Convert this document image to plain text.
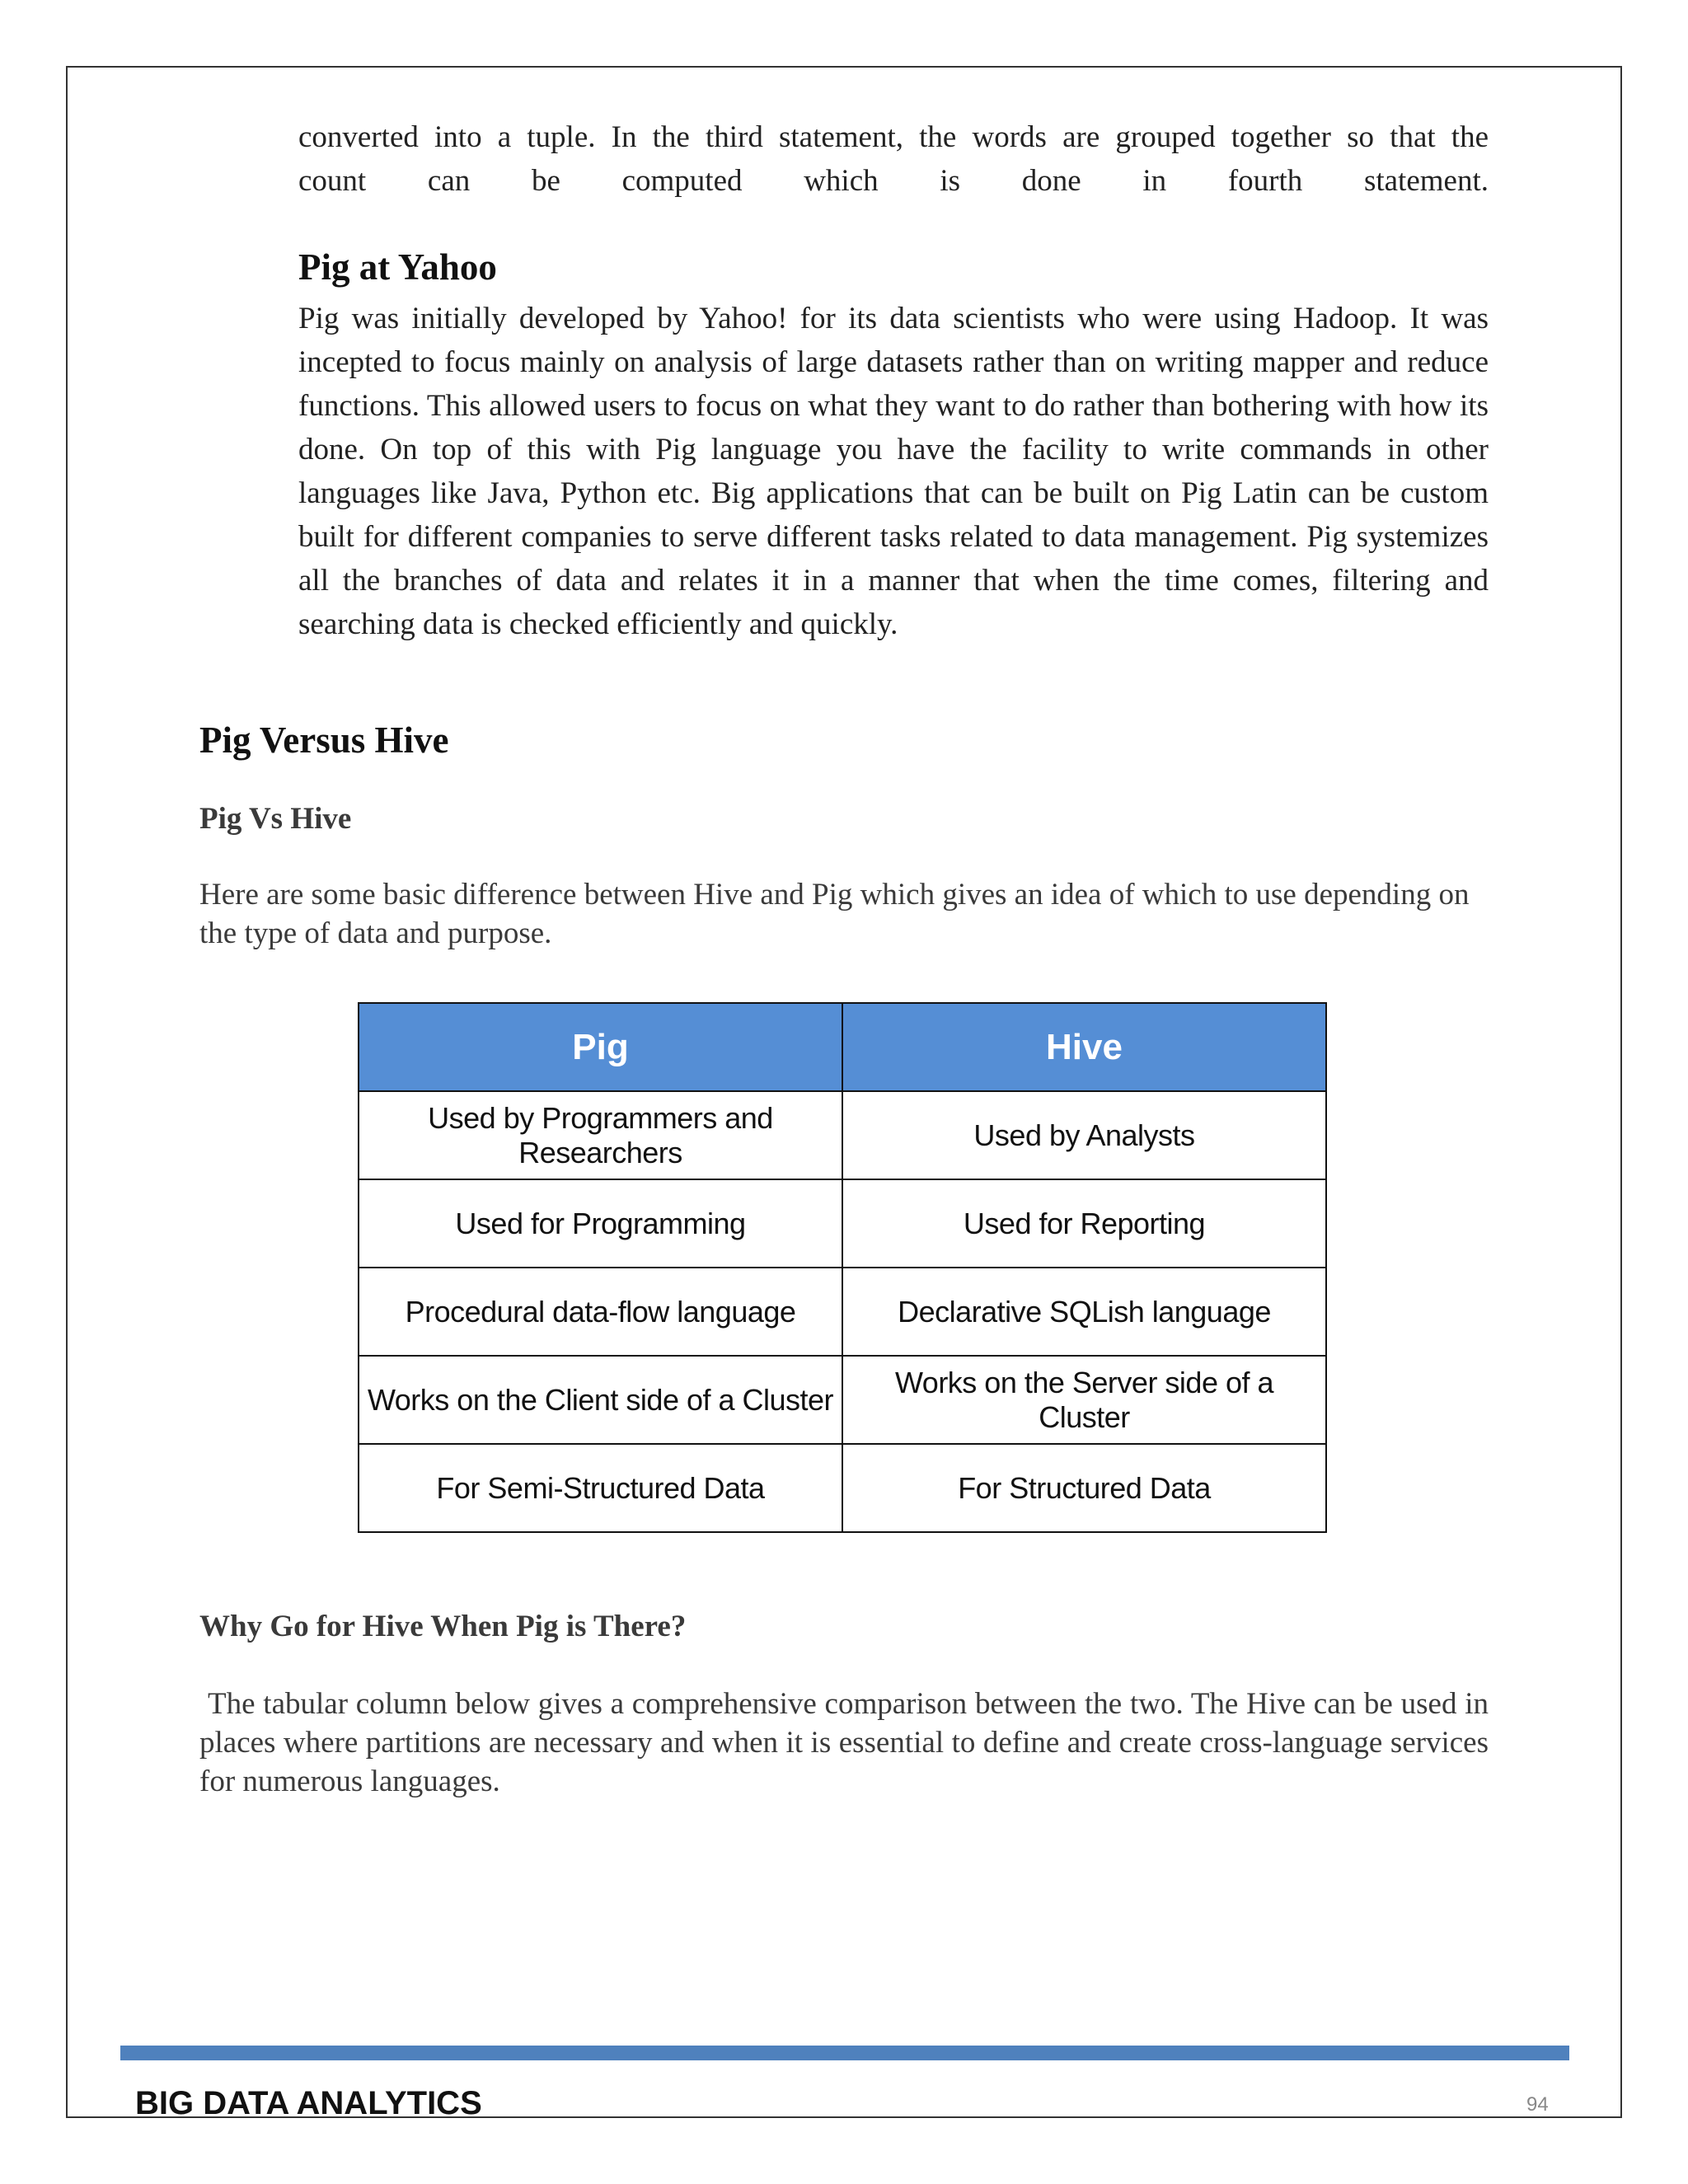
converted into a tuple. In the third statement, the words are grouped together so that the

count can be computed which is done in fourth statement.

Pig at Yahoo

Pig was initially developed by Yahoo! for its data scientists who were using Hadoop. It was incepted to focus mainly on analysis of large datasets rather than on writing mapper and reduce functions. This allowed users to focus on what they want to do rather than bothering with how its done. On top of this with Pig language you have the facility to write commands in other languages like Java, Python etc. Big applications that can be built on Pig Latin can be custom built for different companies to serve different tasks related to data management. Pig systemizes all the branches of data and relates it in a manner that when the time comes, filtering and searching data is checked efficiently and quickly.

Pig Versus Hive
Pig Vs Hive

Here are some basic difference between Hive and Pig which gives an idea of which to use depending on the type of data and purpose.

Pig	Hive
Used by Programmers and Researchers	Used by Analysts
Used for Programming	Used for Reporting
Procedural data-flow language	Declarative SQLish language
Works on the Client side of a Cluster	Works on the Server side of a Cluster
For Semi-Structured Data	For Structured Data
Why Go for Hive When Pig is There?

The tabular column below gives a comprehensive comparison between the two. The Hive can be used in places where partitions are necessary and when it is essential to define and create cross-language services for numerous languages.

BIG DATA ANALYTICS	94
